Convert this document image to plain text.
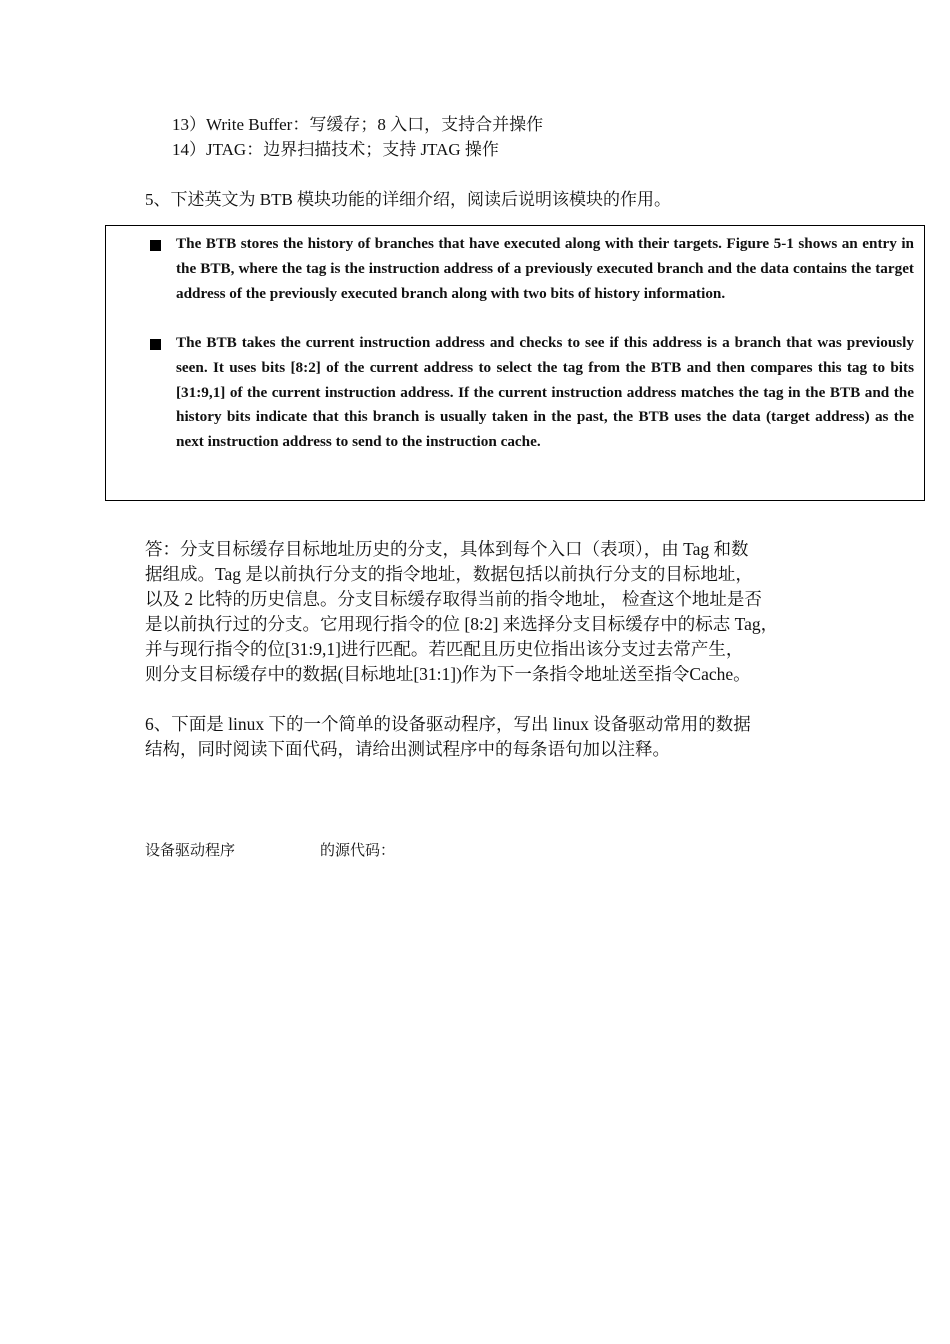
13）Write Buffer：写缓存；8 入口，支持合并操作
14）JTAG：边界扫描技术；支持 JTAG 操作
5、下述英文为 BTB 模块功能的详细介绍，阅读后说明该模块的作用。
The BTB stores the history of branches that have executed along with their targets. Figure 5-1 shows an entry in the BTB, where the tag is the instruction address of a previously executed branch and the data contains the target address of the previously executed branch along with two bits of history information.
The BTB takes the current instruction address and checks to see if this address is a branch that was previously seen. It uses bits [8:2] of the current address to select the tag from the BTB and then compares this tag to bits [31:9,1] of the current instruction address. If the current instruction address matches the tag in the BTB and the history bits indicate that this branch is usually taken in the past, the BTB uses the data (target address) as the next instruction address to send to the instruction cache.
答：分支目标缓存目标地址历史的分支，具体到每个入口（表项），由 Tag 和数
据组成。Tag 是以前执行分支的指令地址，数据包括以前执行分支的目标地址，
以及 2 比特的历史信息。分支目标缓存取得当前的指令地址， 检查这个地址是否
是以前执行过的分支。它用现行指令的位 [8:2] 来选择分支目标缓存中的标志 Tag，
并与现行指令的位[31:9,1]进行匹配。若匹配且历史位指出该分支过去常产生，
则分支目标缓存中的数据(目标地址[31:1])作为下一条指令地址送至指令Cache。
6、下面是 linux 下的一个简单的设备驱动程序，写出 linux 设备驱动常用的数据
结构，同时阅读下面代码，请给出测试程序中的每条语句加以注释。
设备驱动程序	的源代码：
